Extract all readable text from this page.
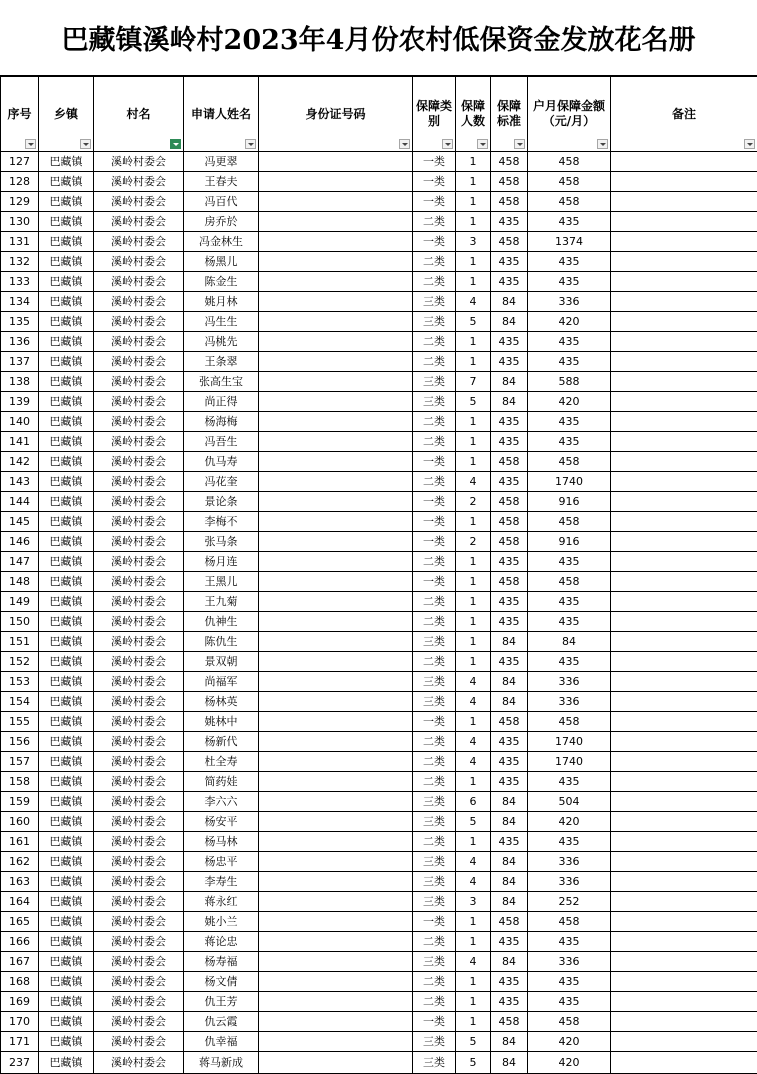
巴藏镇溪岭村2023年4月份农村低保资金发放花名册
序号	乡镇	村名	申请人姓名	身份证号码	保障类别	保障人数	保障标准	户月保障金额（元/月）	备注

127	巴藏镇	溪岭村委会	冯更翠		一类	1	458	458	
128	巴藏镇	溪岭村委会	王春夫		一类	1	458	458	
129	巴藏镇	溪岭村委会	冯百代		一类	1	458	458	
130	巴藏镇	溪岭村委会	房乔於		二类	1	435	435	
131	巴藏镇	溪岭村委会	冯金林生		一类	3	458	1374	
132	巴藏镇	溪岭村委会	杨黑儿		二类	1	435	435	
133	巴藏镇	溪岭村委会	陈金生		二类	1	435	435	
134	巴藏镇	溪岭村委会	姚月林		三类	4	84	336	
135	巴藏镇	溪岭村委会	冯生生		三类	5	84	420	
136	巴藏镇	溪岭村委会	冯桃先		二类	1	435	435	
137	巴藏镇	溪岭村委会	王条翠		二类	1	435	435	
138	巴藏镇	溪岭村委会	张高生宝		三类	7	84	588	
139	巴藏镇	溪岭村委会	尚正得		三类	5	84	420	
140	巴藏镇	溪岭村委会	杨海梅		二类	1	435	435	
141	巴藏镇	溪岭村委会	冯吾生		二类	1	435	435	
142	巴藏镇	溪岭村委会	仇马寿		一类	1	458	458	
143	巴藏镇	溪岭村委会	冯花奎		二类	4	435	1740	
144	巴藏镇	溪岭村委会	景论条		一类	2	458	916	
145	巴藏镇	溪岭村委会	李梅不		一类	1	458	458	
146	巴藏镇	溪岭村委会	张马条		一类	2	458	916	
147	巴藏镇	溪岭村委会	杨月连		二类	1	435	435	
148	巴藏镇	溪岭村委会	王黑儿		一类	1	458	458	
149	巴藏镇	溪岭村委会	王九菊		二类	1	435	435	
150	巴藏镇	溪岭村委会	仇神生		二类	1	435	435	
151	巴藏镇	溪岭村委会	陈仇生		三类	1	84	84	
152	巴藏镇	溪岭村委会	景双朝		二类	1	435	435	
153	巴藏镇	溪岭村委会	尚福军		三类	4	84	336	
154	巴藏镇	溪岭村委会	杨林英		三类	4	84	336	
155	巴藏镇	溪岭村委会	姚林中		一类	1	458	458	
156	巴藏镇	溪岭村委会	杨新代		二类	4	435	1740	
157	巴藏镇	溪岭村委会	杜全寿		二类	4	435	1740	
158	巴藏镇	溪岭村委会	简药娃		二类	1	435	435	
159	巴藏镇	溪岭村委会	李六六		三类	6	84	504	
160	巴藏镇	溪岭村委会	杨安平		三类	5	84	420	
161	巴藏镇	溪岭村委会	杨马林		二类	1	435	435	
162	巴藏镇	溪岭村委会	杨忠平		三类	4	84	336	
163	巴藏镇	溪岭村委会	李寿生		三类	4	84	336	
164	巴藏镇	溪岭村委会	蒋永红		三类	3	84	252	
165	巴藏镇	溪岭村委会	姚小兰		一类	1	458	458	
166	巴藏镇	溪岭村委会	蒋论忠		二类	1	435	435	
167	巴藏镇	溪岭村委会	杨寿福		三类	4	84	336	
168	巴藏镇	溪岭村委会	杨文倩		二类	1	435	435	
169	巴藏镇	溪岭村委会	仇王芳		二类	1	435	435	
170	巴藏镇	溪岭村委会	仇云霞		一类	1	458	458	
171	巴藏镇	溪岭村委会	仇幸福		三类	5	84	420	
237	巴藏镇	溪岭村委会	蒋马新成		三类	5	84	420	
